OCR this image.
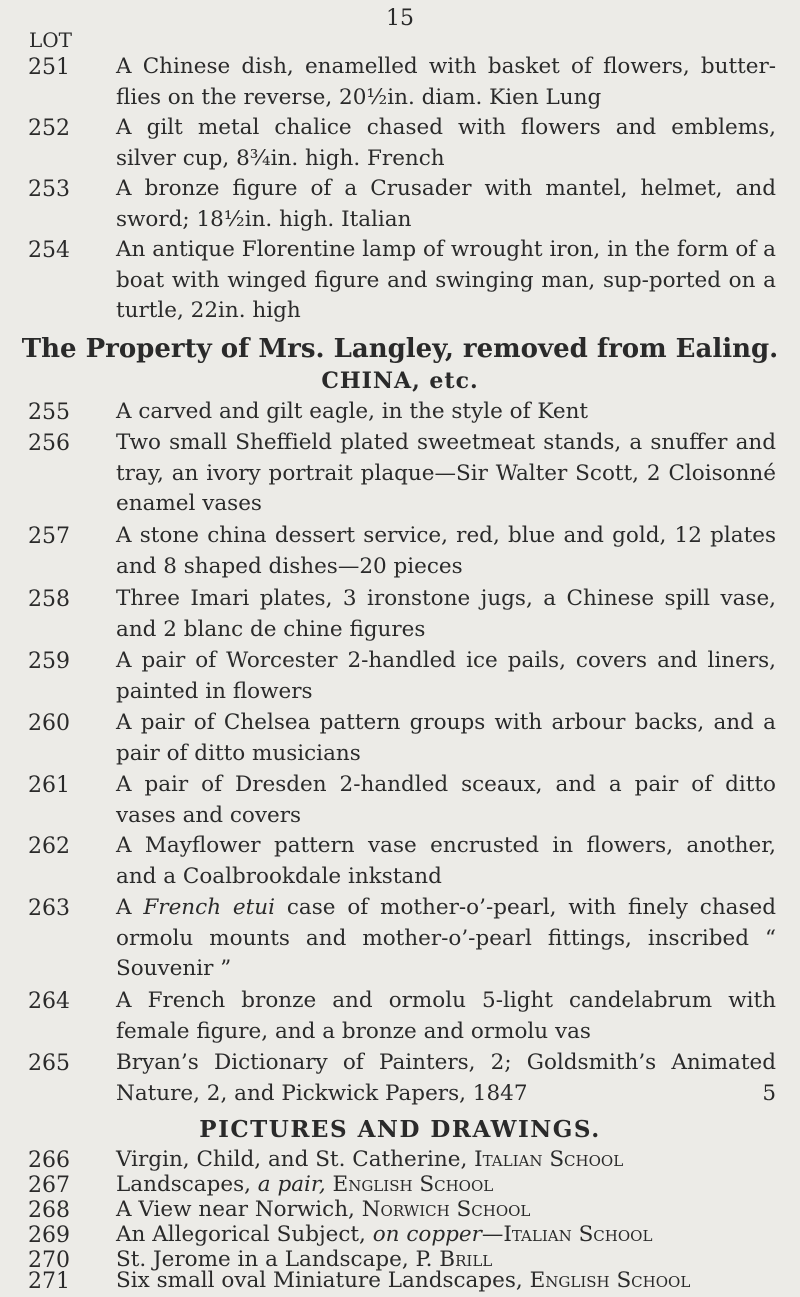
15
LOT
251	A Chinese dish, enamelled with basket of flowers, butter-flies on the reverse, 20½in. diam. Kien Lung
252	A gilt metal chalice chased with flowers and emblems, silver cup, 8¾in. high. French
253	A bronze figure of a Crusader with mantel, helmet, and sword; 18½in. high. Italian
254	An antique Florentine lamp of wrought iron, in the form of a boat with winged figure and swinging man, sup-ported on a turtle, 22in. high
The Property of Mrs. Langley, removed from Ealing.
CHINA, etc.
255	A carved and gilt eagle, in the style of Kent
256	Two small Sheffield plated sweetmeat stands, a snuffer and tray, an ivory portrait plaque—Sir Walter Scott, 2 Cloisonné enamel vases
257	A stone china dessert service, red, blue and gold, 12 plates and 8 shaped dishes—20 pieces
258	Three Imari plates, 3 ironstone jugs, a Chinese spill vase, and 2 blanc de chine figures
259	A pair of Worcester 2-handled ice pails, covers and liners, painted in flowers
260	A pair of Chelsea pattern groups with arbour backs, and a pair of ditto musicians
261	A pair of Dresden 2-handled sceaux, and a pair of ditto vases and covers
262	A Mayflower pattern vase encrusted in flowers, another, and a Coalbrookdale inkstand
263	A French etui case of mother-o’-pearl, with finely chased ormolu mounts and mother-o’-pearl fittings, inscribed “ Souvenir ”
264	A French bronze and ormolu 5-light candelabrum with female figure, and a bronze and ormolu vas
265	Bryan’s Dictionary of Painters, 2; Goldsmith’s Animated Nature, 2, and Pickwick Papers, 1847	5
PICTURES AND DRAWINGS.
266	Virgin, Child, and St. Catherine, Italian School
267	Landscapes, a pair, English School
268	A View near Norwich, Norwich School
269	An Allegorical Subject, on copper—Italian School
270	St. Jerome in a Landscape, P. Brill
271	Six small oval Miniature Landscapes, English School
